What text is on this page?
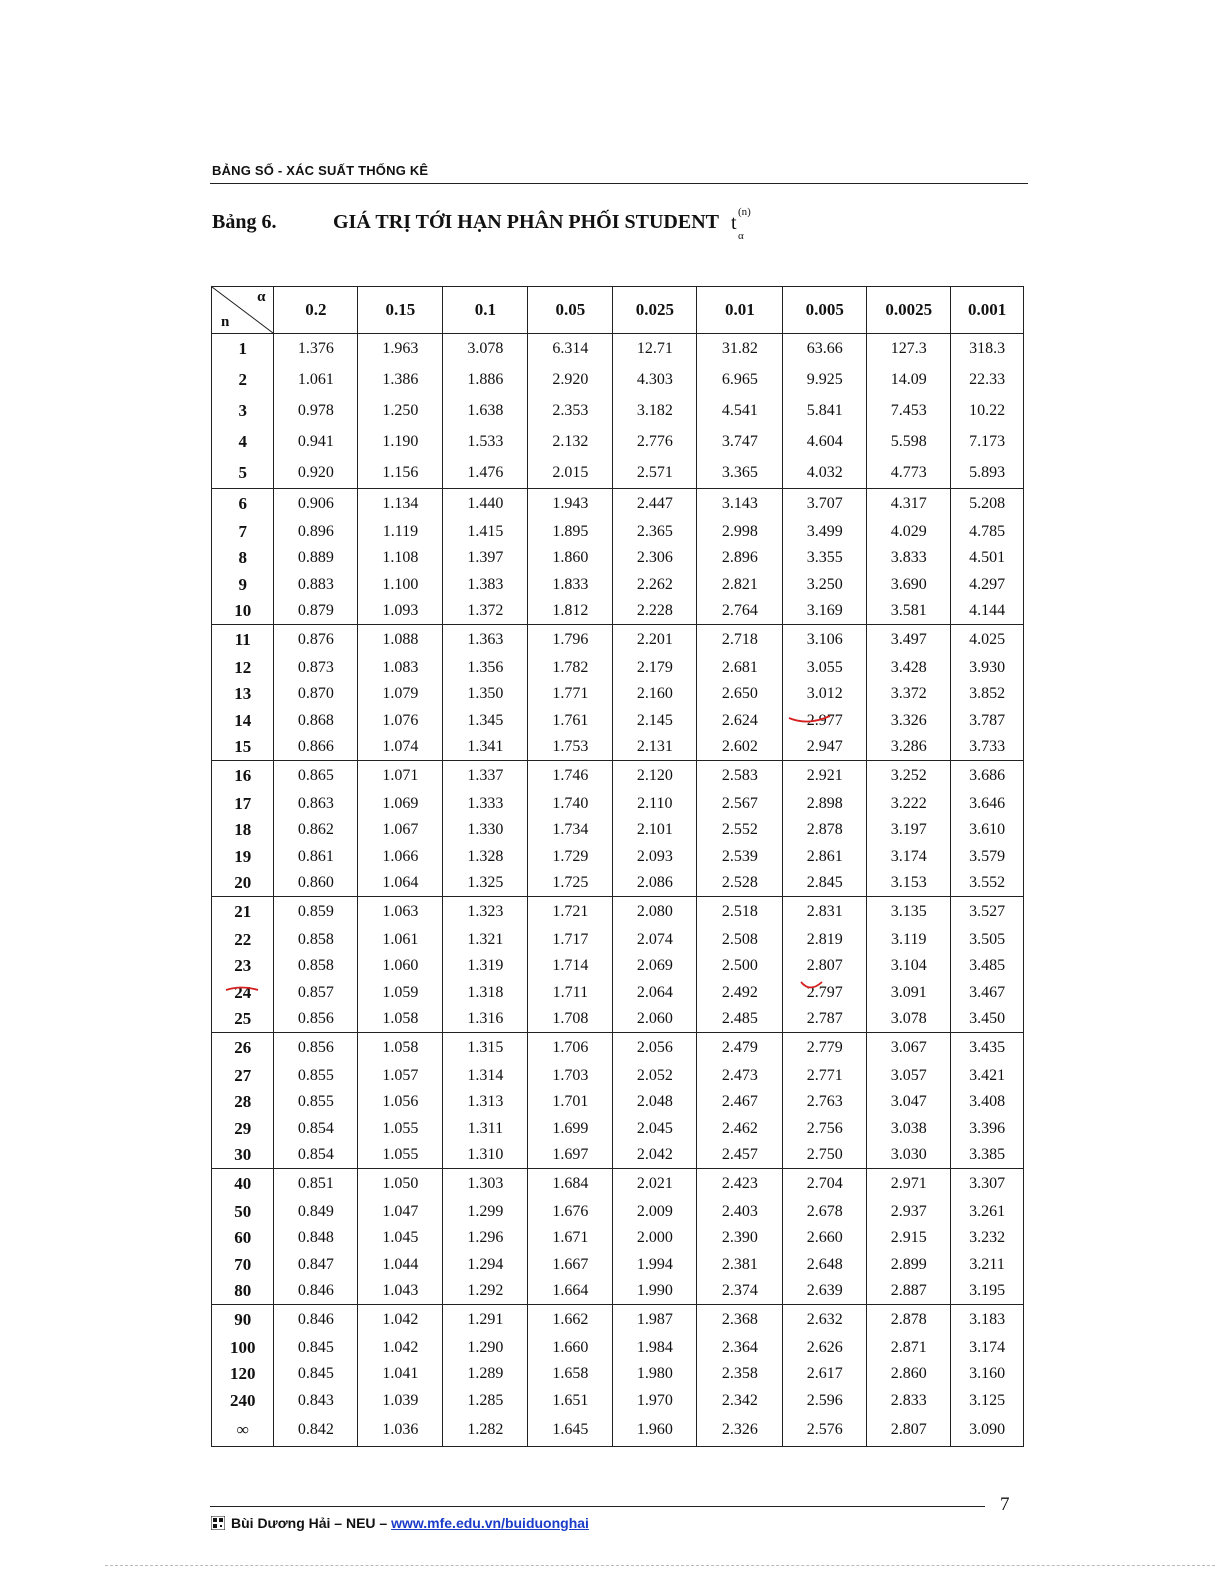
BẢNG SỐ - XÁC SUẤT THỐNG KÊ
Bảng 6.	GIÁ TRỊ TỚI HẠN PHÂN PHỐI STUDENT t (n)
α
α
n	0.2	0.15	0.1	0.05	0.025	0.01	0.005	0.0025	0.001
1	1.376	1.963	3.078	6.314	12.71	31.82	63.66	127.3	318.3
2	1.061	1.386	1.886	2.920	4.303	6.965	9.925	14.09	22.33
3	0.978	1.250	1.638	2.353	3.182	4.541	5.841	7.453	10.22
4	0.941	1.190	1.533	2.132	2.776	3.747	4.604	5.598	7.173
5	0.920	1.156	1.476	2.015	2.571	3.365	4.032	4.773	5.893
6	0.906	1.134	1.440	1.943	2.447	3.143	3.707	4.317	5.208
7	0.896	1.119	1.415	1.895	2.365	2.998	3.499	4.029	4.785
8	0.889	1.108	1.397	1.860	2.306	2.896	3.355	3.833	4.501
9	0.883	1.100	1.383	1.833	2.262	2.821	3.250	3.690	4.297
10	0.879	1.093	1.372	1.812	2.228	2.764	3.169	3.581	4.144
11	0.876	1.088	1.363	1.796	2.201	2.718	3.106	3.497	4.025
12	0.873	1.083	1.356	1.782	2.179	2.681	3.055	3.428	3.930
13	0.870	1.079	1.350	1.771	2.160	2.650	3.012	3.372	3.852
14	0.868	1.076	1.345	1.761	2.145	2.624	2.977	3.326	3.787
15	0.866	1.074	1.341	1.753	2.131	2.602	2.947	3.286	3.733
16	0.865	1.071	1.337	1.746	2.120	2.583	2.921	3.252	3.686
17	0.863	1.069	1.333	1.740	2.110	2.567	2.898	3.222	3.646
18	0.862	1.067	1.330	1.734	2.101	2.552	2.878	3.197	3.610
19	0.861	1.066	1.328	1.729	2.093	2.539	2.861	3.174	3.579
20	0.860	1.064	1.325	1.725	2.086	2.528	2.845	3.153	3.552
21	0.859	1.063	1.323	1.721	2.080	2.518	2.831	3.135	3.527
22	0.858	1.061	1.321	1.717	2.074	2.508	2.819	3.119	3.505
23	0.858	1.060	1.319	1.714	2.069	2.500	2.807	3.104	3.485
24	0.857	1.059	1.318	1.711	2.064	2.492	2.797	3.091	3.467
25	0.856	1.058	1.316	1.708	2.060	2.485	2.787	3.078	3.450
26	0.856	1.058	1.315	1.706	2.056	2.479	2.779	3.067	3.435
27	0.855	1.057	1.314	1.703	2.052	2.473	2.771	3.057	3.421
28	0.855	1.056	1.313	1.701	2.048	2.467	2.763	3.047	3.408
29	0.854	1.055	1.311	1.699	2.045	2.462	2.756	3.038	3.396
30	0.854	1.055	1.310	1.697	2.042	2.457	2.750	3.030	3.385
40	0.851	1.050	1.303	1.684	2.021	2.423	2.704	2.971	3.307
50	0.849	1.047	1.299	1.676	2.009	2.403	2.678	2.937	3.261
60	0.848	1.045	1.296	1.671	2.000	2.390	2.660	2.915	3.232
70	0.847	1.044	1.294	1.667	1.994	2.381	2.648	2.899	3.211
80	0.846	1.043	1.292	1.664	1.990	2.374	2.639	2.887	3.195
90	0.846	1.042	1.291	1.662	1.987	2.368	2.632	2.878	3.183
100	0.845	1.042	1.290	1.660	1.984	2.364	2.626	2.871	3.174
120	0.845	1.041	1.289	1.658	1.980	2.358	2.617	2.860	3.160
240	0.843	1.039	1.285	1.651	1.970	2.342	2.596	2.833	3.125
∞	0.842	1.036	1.282	1.645	1.960	2.326	2.576	2.807	3.090
7
Bùi Dương Hải – NEU – www.mfe.edu.vn/buiduonghai
